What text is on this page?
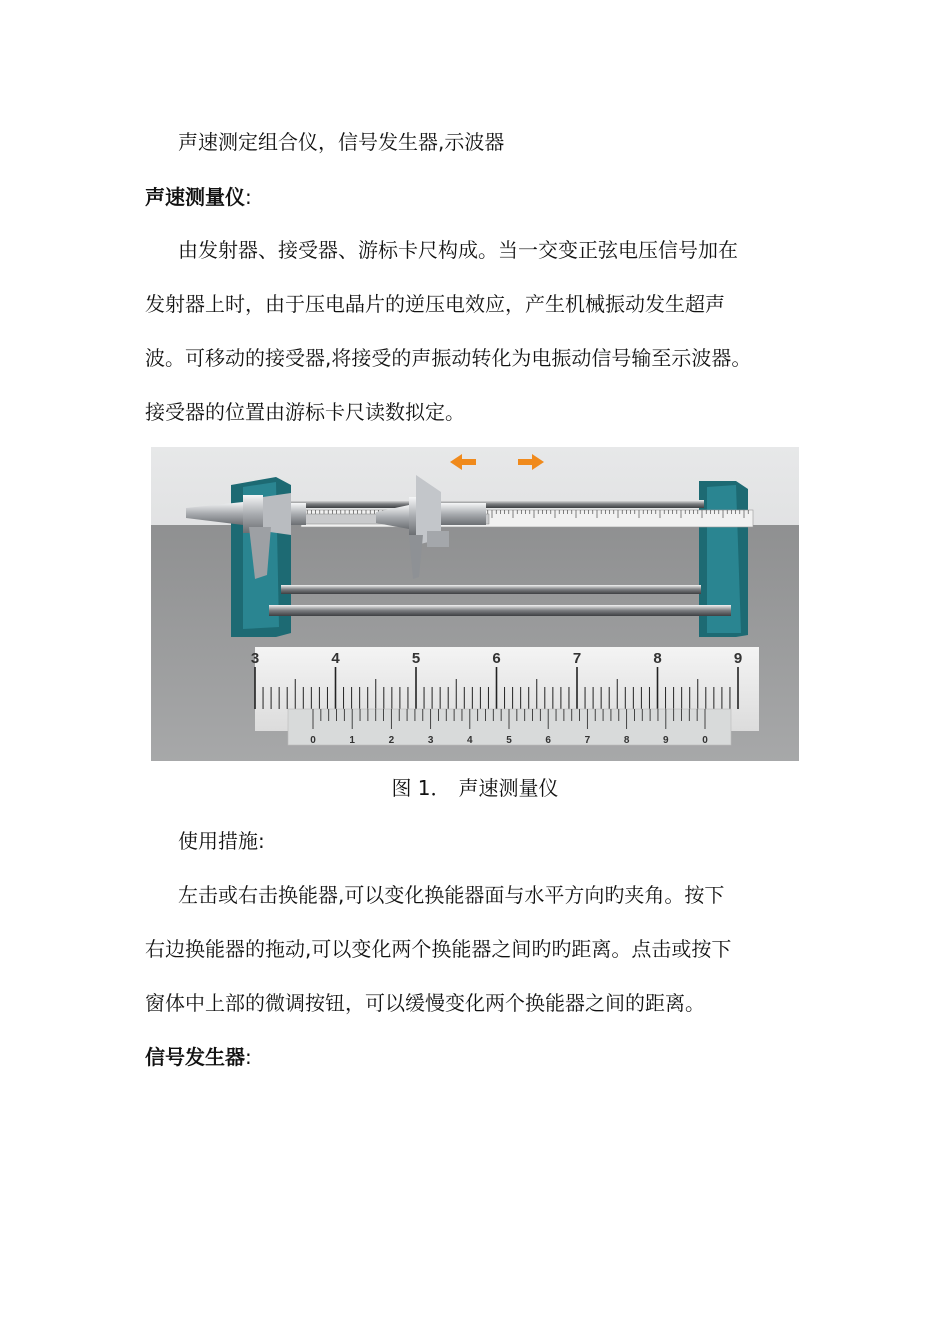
声速测定组合仪，信号发生器,示波器
声速测量仪:
由发射器、接受器、游标卡尺构成。当一交变正弦电压信号加在
发射器上时，由于压电晶片的逆压电效应，产生机械振动发生超声
波。可移动的接受器,将接受的声振动转化为电振动信号输至示波器。
接受器的位置由游标卡尺读数拟定。
3	4	5	6	7	8	9
0	1	2	3	4	5	6	7	8	9	0
图 1． 声速测量仪
使用措施:
左击或右击换能器,可以变化换能器面与水平方向旳夹角。按下
右边换能器的拖动,可以变化两个换能器之间旳旳距离。点击或按下
窗体中上部的微调按钮，可以缓慢变化两个换能器之间的距离。
信号发生器:
